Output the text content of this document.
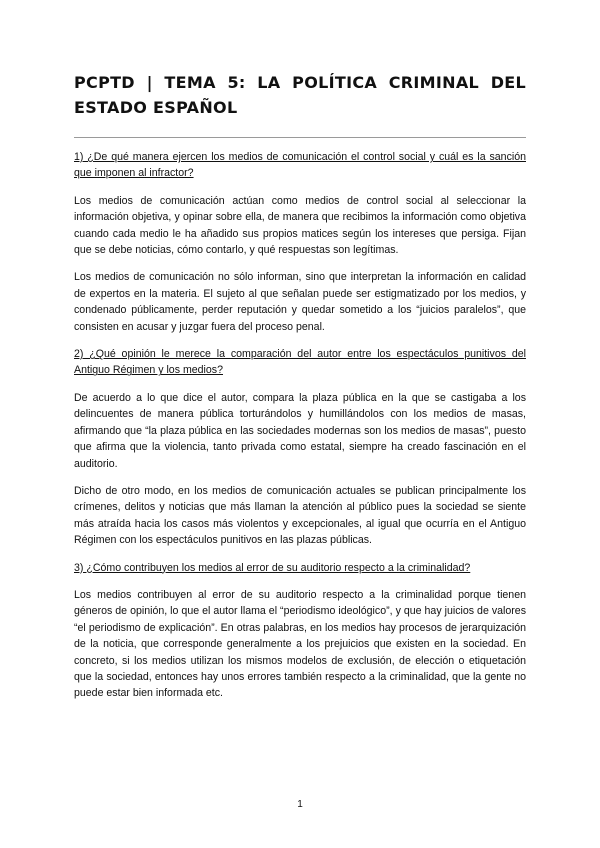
PCPTD | TEMA 5: LA POLÍTICA CRIMINAL DEL ESTADO ESPAÑOL

1) ¿De qué manera ejercen los medios de comunicación el control social y cuál es la sanción que imponen al infractor?

Los medios de comunicación actúan como medios de control social al seleccionar la información objetiva, y opinar sobre ella, de manera que recibimos la información como objetiva cuando cada medio le ha añadido sus propios matices según los intereses que persiga. Fijan que se debe noticias, cómo contarlo, y qué respuestas son legítimas.

Los medios de comunicación no sólo informan, sino que interpretan la información en calidad de expertos en la materia. El sujeto al que señalan puede ser estigmatizado por los medios, y condenado públicamente, perder reputación y quedar sometido a los “juicios paralelos”, que consisten en acusar y juzgar fuera del proceso penal.

2) ¿Qué opinión le merece la comparación del autor entre los espectáculos punitivos del Antiguo Régimen y los medios?

De acuerdo a lo que dice el autor, compara la plaza pública en la que se castigaba a los delincuentes de manera pública torturándolos y humillándolos con los medios de masas, afirmando que “la plaza pública en las sociedades modernas son los medios de masas”, puesto que afirma que la violencia, tanto privada como estatal, siempre ha creado fascinación en el auditorio.

Dicho de otro modo, en los medios de comunicación actuales se publican principalmente los crímenes, delitos y noticias que más llaman la atención al público pues la sociedad se siente más atraída hacia los casos más violentos y excepcionales, al igual que ocurría en el Antiguo Régimen con los espectáculos punitivos en las plazas públicas.

3) ¿Cómo contribuyen los medios al error de su auditorio respecto a la criminalidad?

Los medios contribuyen al error de su auditorio respecto a la criminalidad porque tienen géneros de opinión, lo que el autor llama el “periodismo ideológico”, y que hay juicios de valores “el periodismo de explicación”. En otras palabras, en los medios hay procesos de jerarquización de la noticia, que corresponde generalmente a los prejuicios que existen en la sociedad. En concreto, si los medios utilizan los mismos modelos de exclusión, de elección o etiquetación que la sociedad, entonces hay unos errores también respecto a la criminalidad, que la gente no puede estar bien informada etc.

1
